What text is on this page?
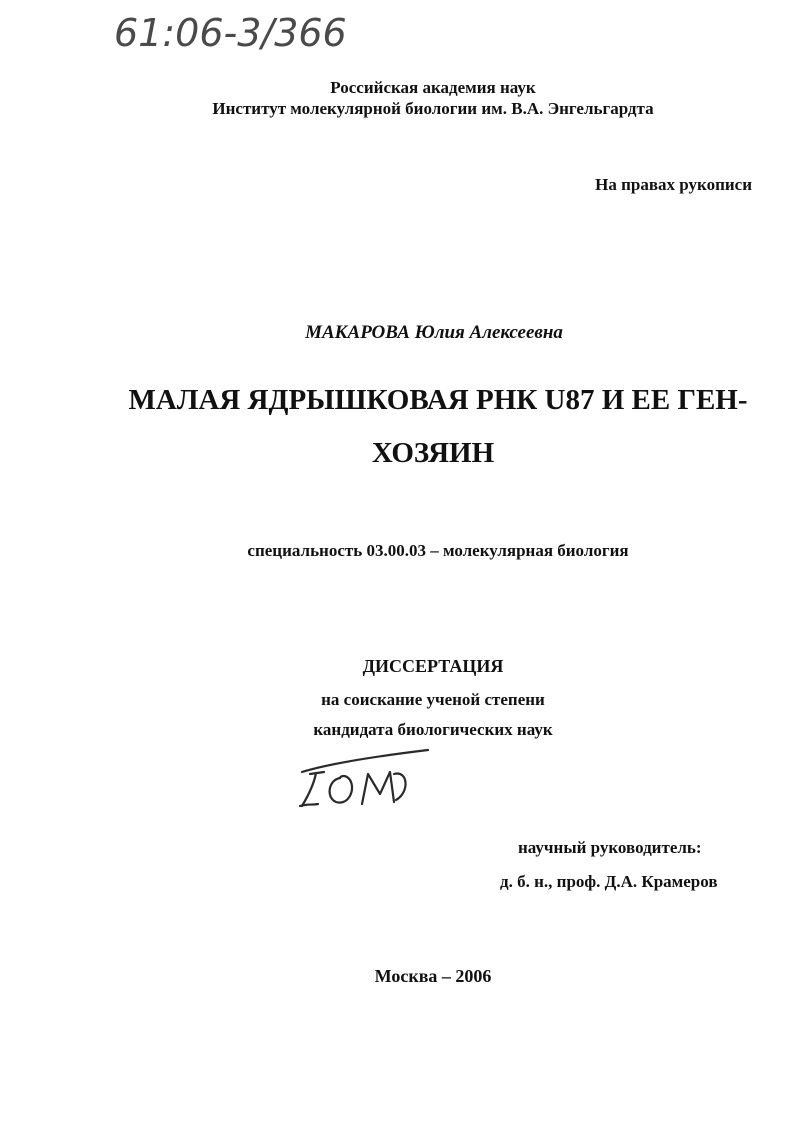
61:06-3/366

Российская академия наук

Институт молекулярной биологии им. В.А. Энгельгардта

На правах рукописи

МАКАРОВА Юлия Алексеевна

МАЛАЯ ЯДРЫШКОВАЯ РНК U87 И ЕЕ ГЕН-

ХОЗЯИН

специальность 03.00.03 – молекулярная биология

ДИССЕРТАЦИЯ

на соискание ученой степени

кандидата биологических наук

научный руководитель:

д. б. н., проф. Д.А. Крамеров

Москва – 2006
